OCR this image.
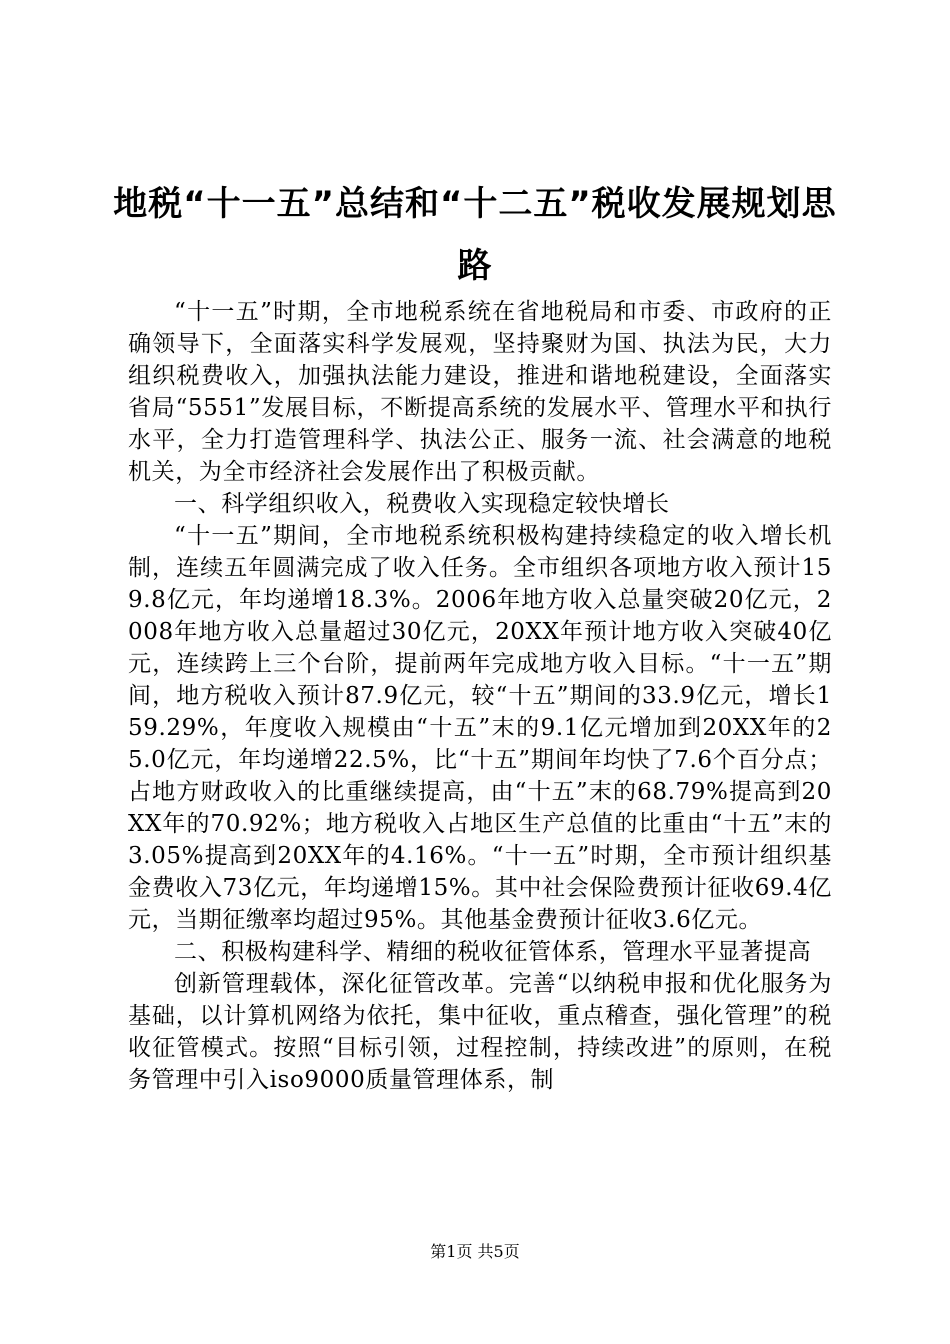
地税“十一五”总结和“十二五”税收发展规划思路

“十一五”时期，全市地税系统在省地税局和市委、市政府的正确领导下，全面落实科学发展观，坚持聚财为国、执法为民，大力组织税费收入，加强执法能力建设，推进和谐地税建设，全面落实省局“5551”发展目标，不断提高系统的发展水平、管理水平和执行水平，全力打造管理科学、执法公正、服务一流、社会满意的地税机关，为全市经济社会发展作出了积极贡献。

一、科学组织收入，税费收入实现稳定较快增长

“十一五”期间，全市地税系统积极构建持续稳定的收入增长机制，连续五年圆满完成了收入任务。全市组织各项地方收入预计159.8亿元，年均递增18.3%。2006年地方收入总量突破20亿元，2008年地方收入总量超过30亿元，20XX年预计地方收入突破40亿元，连续跨上三个台阶，提前两年完成地方收入目标。“十一五”期间，地方税收入预计87.9亿元，较“十五”期间的33.9亿元，增长159.29%，年度收入规模由“十五”末的9.1亿元增加到20XX年的25.0亿元，年均递增22.5%，比“十五”期间年均快了7.6个百分点；占地方财政收入的比重继续提高，由“十五”末的68.79%提高到20XX年的70.92%；地方税收入占地区生产总值的比重由“十五”末的3.05%提高到20XX年的4.16%。“十一五”时期，全市预计组织基金费收入73亿元，年均递增15%。其中社会保险费预计征收69.4亿元，当期征缴率均超过95%。其他基金费预计征收3.6亿元。

二、积极构建科学、精细的税收征管体系，管理水平显著提高

创新管理载体，深化征管改革。完善“以纳税申报和优化服务为基础，以计算机网络为依托，集中征收，重点稽查，强化管理”的税收征管模式。按照“目标引领，过程控制，持续改进”的原则，在税务管理中引入iso9000质量管理体系，制

第1页 共5页
